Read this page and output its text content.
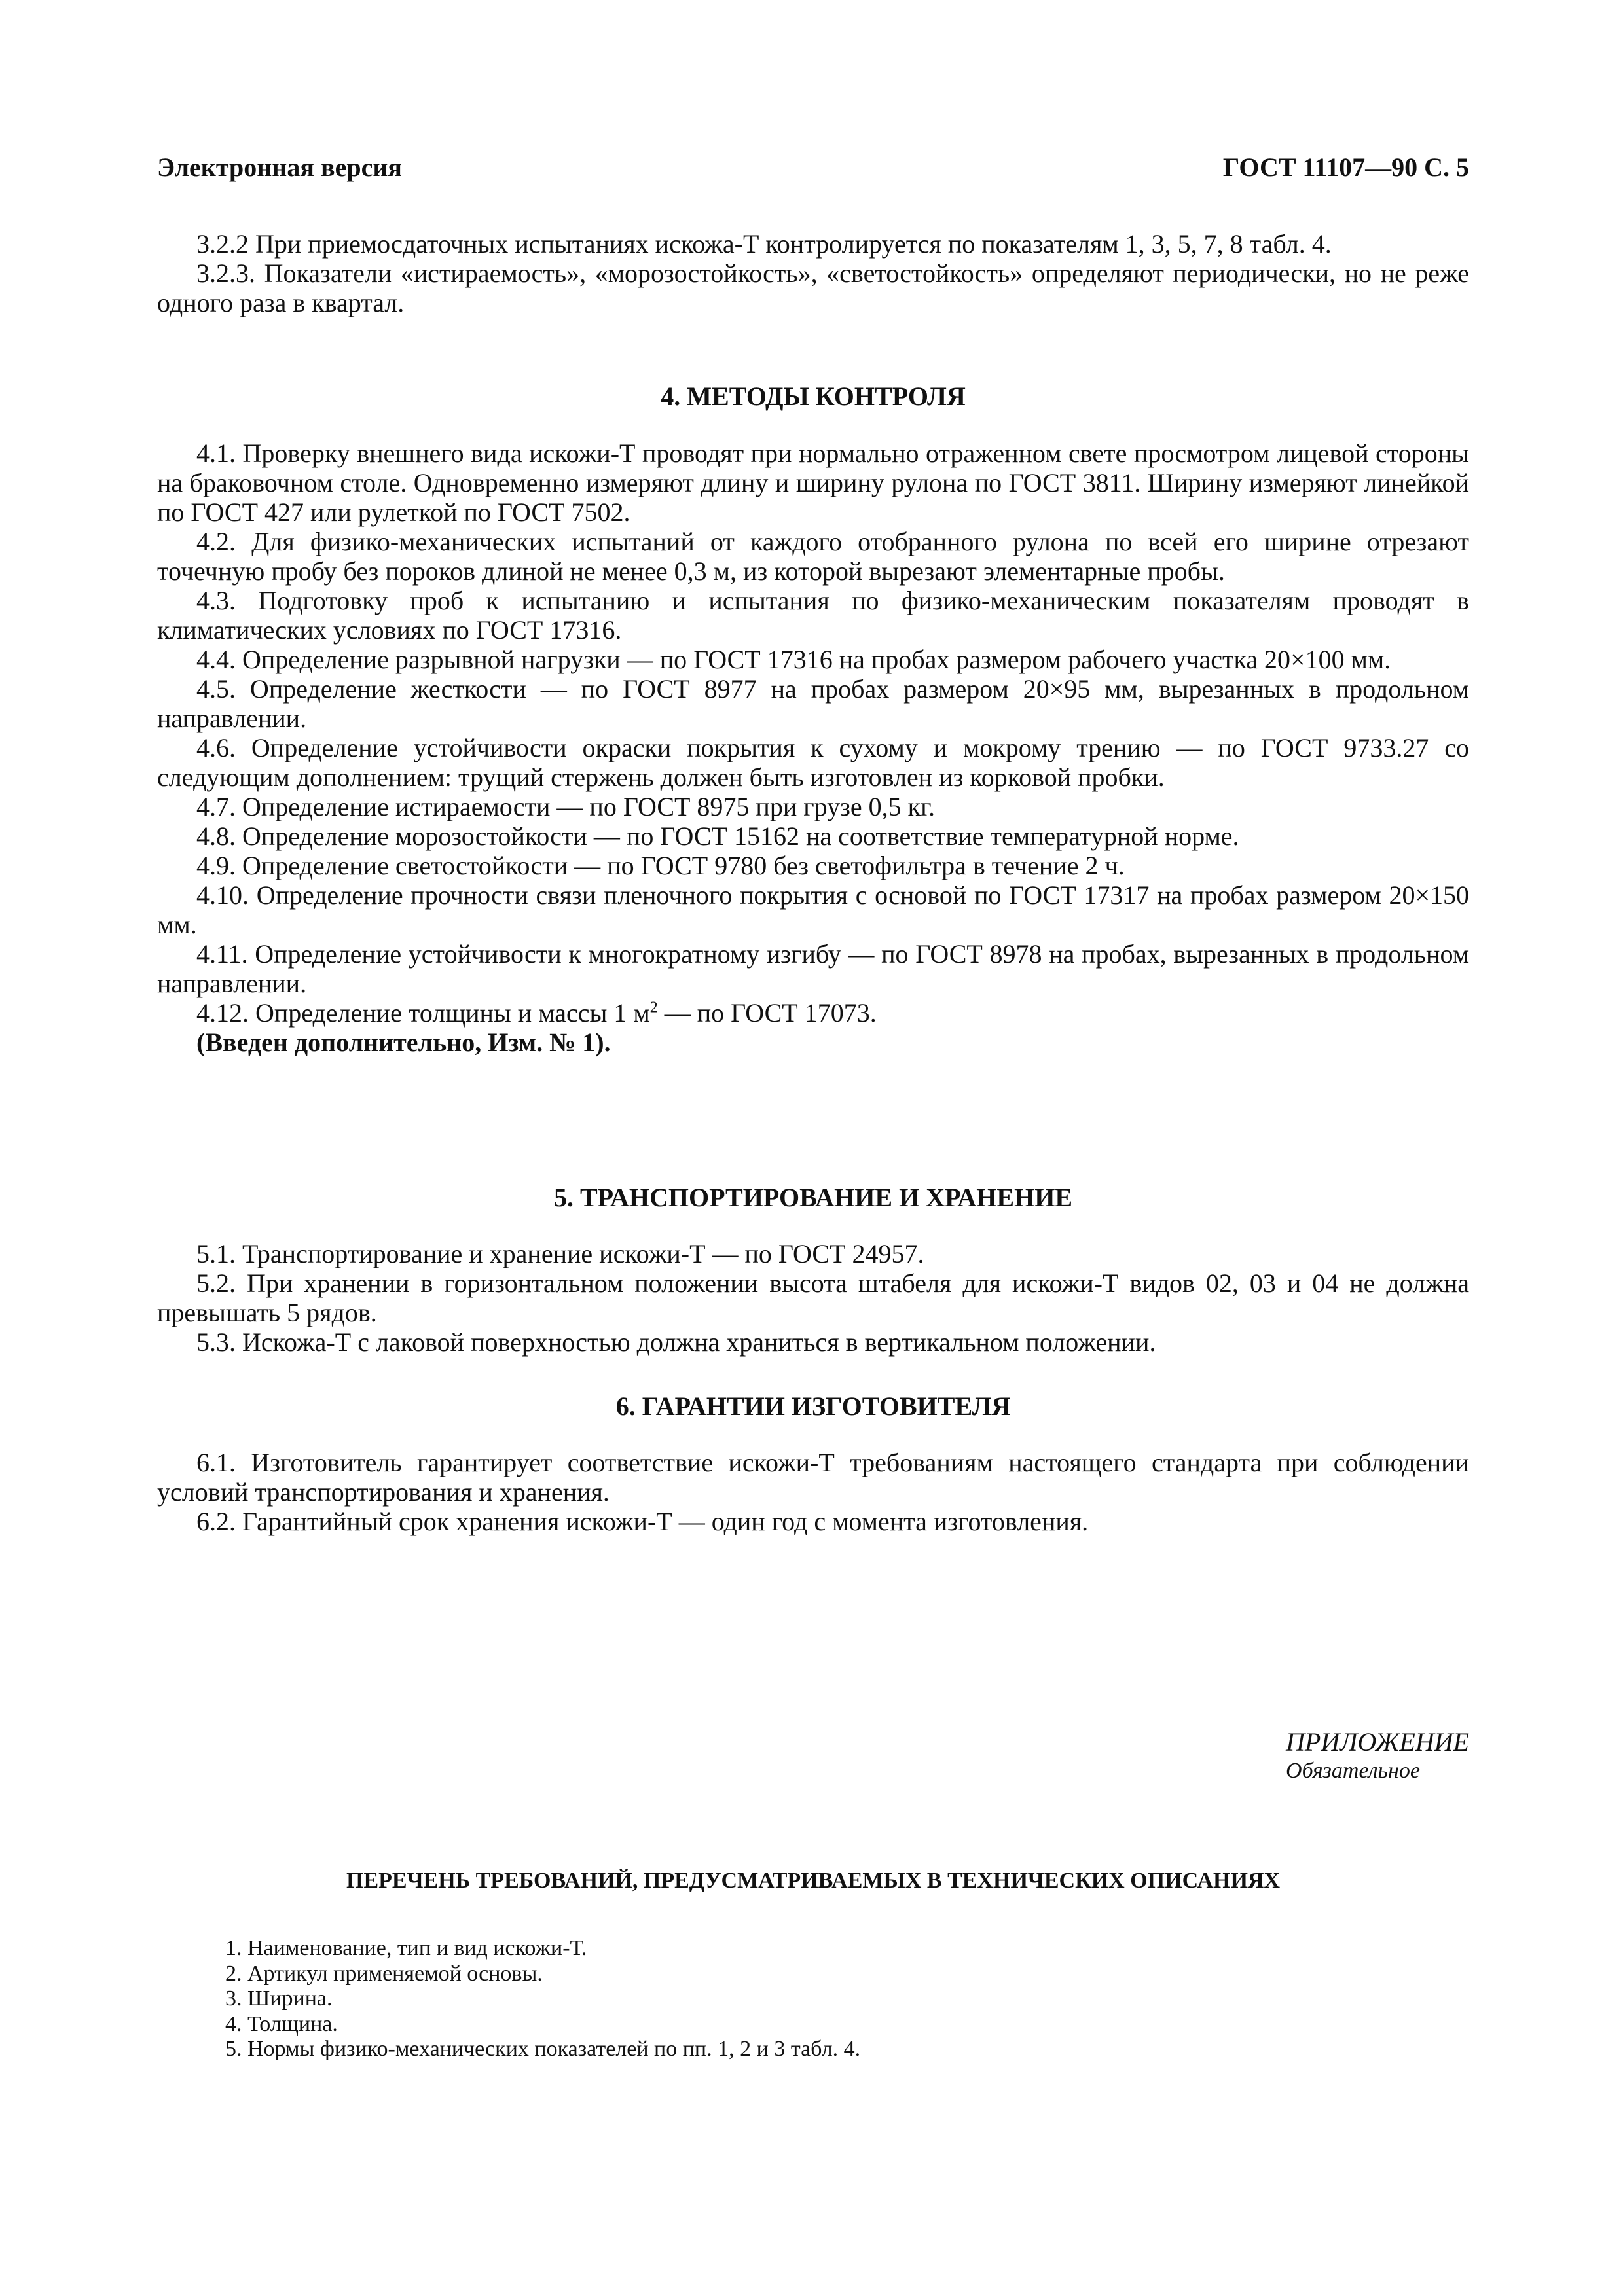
Электронная версия	ГОСТ 11107—90 С. 5

3.2.2 При приемосдаточных испытаниях искожа-Т контролируется по показателям 1, 3, 5, 7, 8 табл. 4.

3.2.3. Показатели «истираемость», «морозостойкость», «светостойкость» определяют периодически, но не реже одного раза в квартал.

4. МЕТОДЫ КОНТРОЛЯ

4.1. Проверку внешнего вида искожи-Т проводят при нормально отраженном свете просмотром лицевой стороны на браковочном столе. Одновременно измеряют длину и ширину рулона по ГОСТ 3811. Ширину измеряют линейкой по ГОСТ 427 или рулеткой по ГОСТ 7502.

4.2. Для физико-механических испытаний от каждого отобранного рулона по всей его ширине отрезают точечную пробу без пороков длиной не менее 0,3 м, из которой вырезают элементарные пробы.

4.3. Подготовку проб к испытанию и испытания по физико-механическим показателям проводят в климатических условиях по ГОСТ 17316.

4.4. Определение разрывной нагрузки — по ГОСТ 17316 на пробах размером рабочего участка 20×100 мм.

4.5. Определение жесткости — по ГОСТ 8977 на пробах размером 20×95 мм, вырезанных в продольном направлении.

4.6. Определение устойчивости окраски покрытия к сухому и мокрому трению — по ГОСТ 9733.27 со следующим дополнением: трущий стержень должен быть изготовлен из корковой пробки.

4.7. Определение истираемости — по ГОСТ 8975 при грузе 0,5 кг.

4.8. Определение морозостойкости — по ГОСТ 15162 на соответствие температурной норме.

4.9. Определение светостойкости — по ГОСТ 9780 без светофильтра в течение 2 ч.

4.10. Определение прочности связи пленочного покрытия с основой по ГОСТ 17317 на пробах размером 20×150 мм.

4.11. Определение устойчивости к многократному изгибу — по ГОСТ 8978 на пробах, вырезанных в продольном направлении.

4.12. Определение толщины и массы 1 $м^2$ — по ГОСТ 17073.

(Введен дополнительно, Изм. № 1).

5. ТРАНСПОРТИРОВАНИЕ И ХРАНЕНИЕ

5.1. Транспортирование и хранение искожи-Т — по ГОСТ 24957.

5.2. При хранении в горизонтальном положении высота штабеля для искожи-Т видов 02, 03 и 04 не должна превышать 5 рядов.

5.3. Искожа-Т с лаковой поверхностью должна храниться в вертикальном положении.

6. ГАРАНТИИ ИЗГОТОВИТЕЛЯ

6.1. Изготовитель гарантирует соответствие искожи-Т требованиям настоящего стандарта при соблюдении условий транспортирования и хранения.

6.2. Гарантийный срок хранения искожи-Т — один год с момента изготовления.

ПРИЛОЖЕНИЕ
Обязательное
ПЕРЕЧЕНЬ ТРЕБОВАНИЙ, ПРЕДУСМАТРИВАЕМЫХ В ТЕХНИЧЕСКИХ ОПИСАНИЯХ
1. Наименование, тип и вид искожи-Т.
2. Артикул применяемой основы.
3. Ширина.
4. Толщина.
5. Нормы физико-механических показателей по пп. 1, 2 и 3 табл. 4.
